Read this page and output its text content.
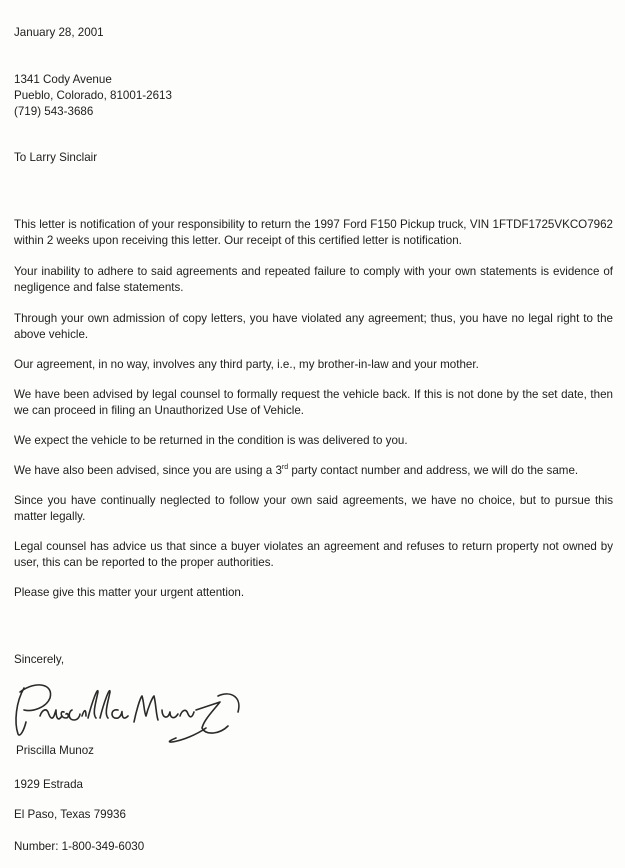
January 28, 2001
1341 Cody Avenue
Pueblo, Colorado, 81001-2613
(719) 543-3686
To Larry Sinclair

This letter is notification of your responsibility to return the 1997 Ford F150 Pickup truck, VIN 1FTDF1725VKCO7962 within 2 weeks upon receiving this letter. Our receipt of this certified letter is notification.

Your inability to adhere to said agreements and repeated failure to comply with your own statements is evidence of negligence and false statements.

Through your own admission of copy letters, you have violated any agreement; thus, you have no legal right to the above vehicle.

Our agreement, in no way, involves any third party, i.e., my brother-in-law and your mother.

We have been advised by legal counsel to formally request the vehicle back. If this is not done by the set date, then we can proceed in filing an Unauthorized Use of Vehicle.

We expect the vehicle to be returned in the condition is was delivered to you.

We have also been advised, since you are using a 3rd party contact number and address, we will do the same.

Since you have continually neglected to follow your own said agreements, we have no choice, but to pursue this matter legally.

Legal counsel has advice us that since a buyer violates an agreement and refuses to return property not owned by user, this can be reported to the proper authorities.

Please give this matter your urgent attention.

Sincerely,
Priscilla Munoz
1929 Estrada
El Paso, Texas 79936
Number: 1-800-349-6030
